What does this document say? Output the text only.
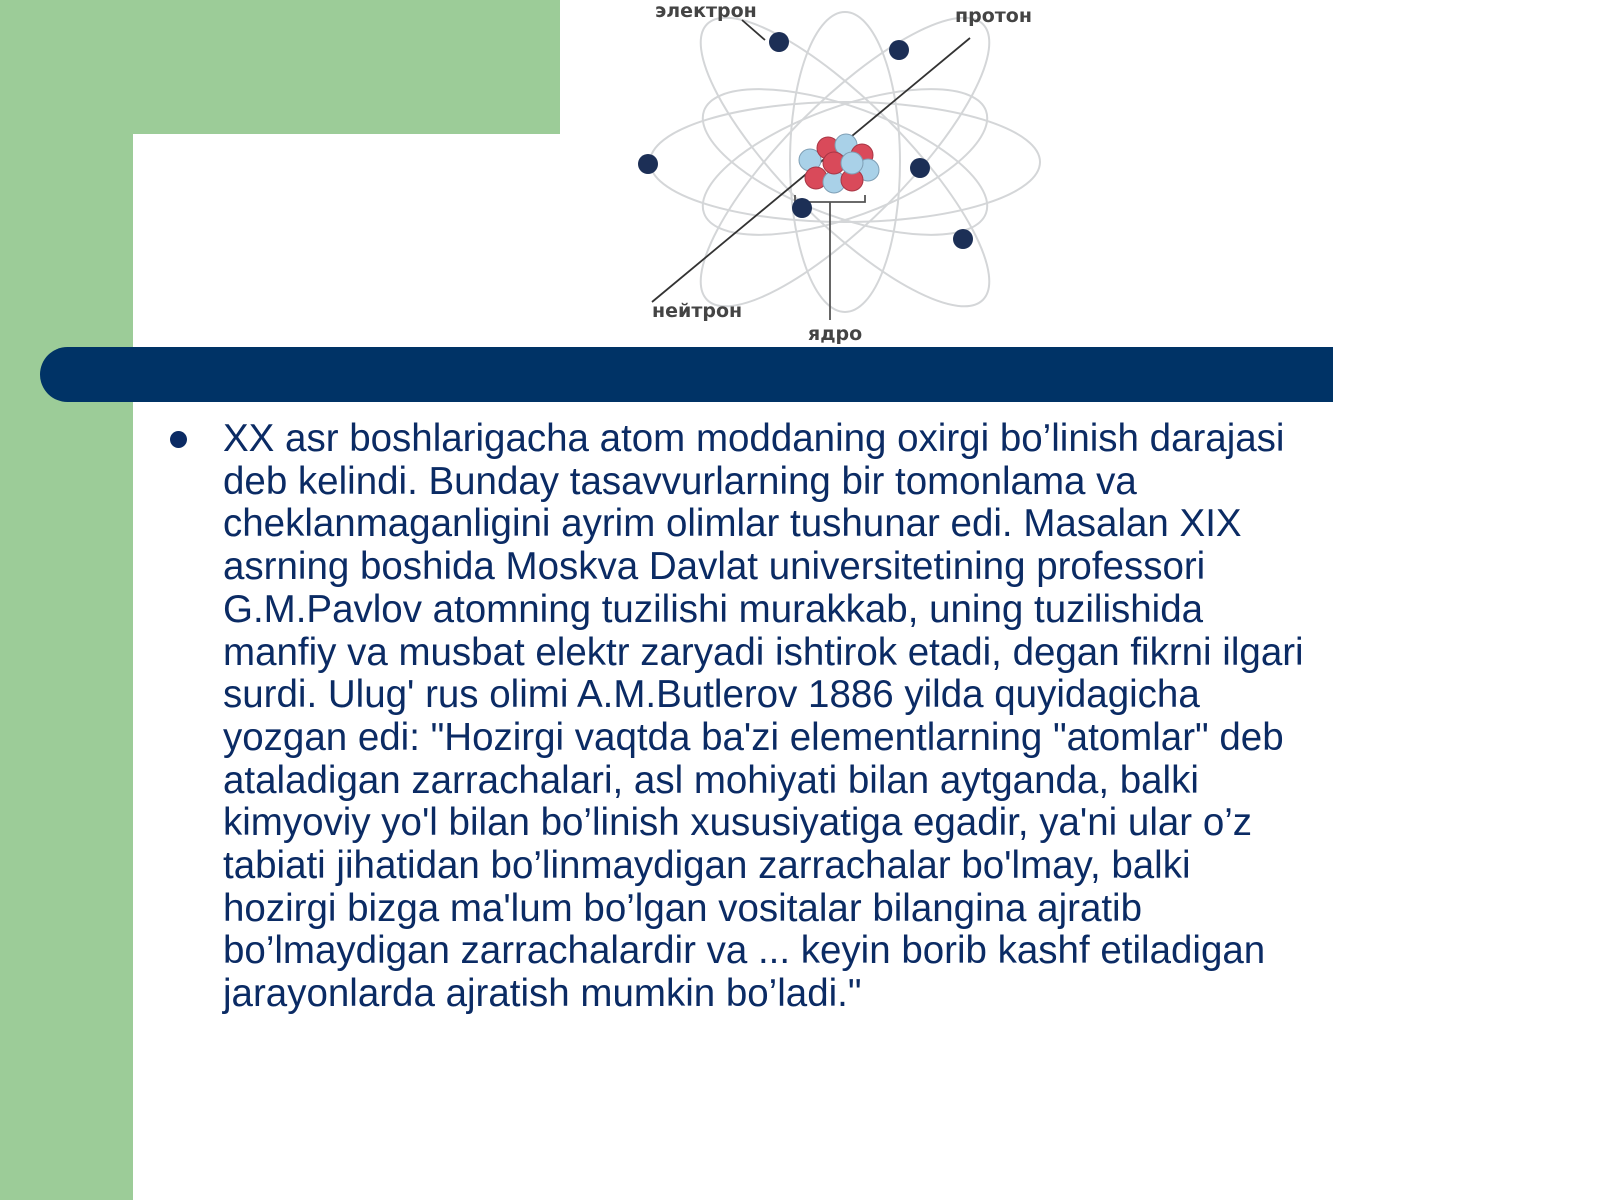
электрон	протон
нейтрон
ядро

XX asr boshlarigacha atom moddaning oxirgi bo’linish darajasi
deb kelindi. Bunday tasavvurlarning bir tomonlama va
cheklanmaganligini ayrim olimlar tushunar edi. Masalan XIX
asrning boshida Moskva Davlat universitetining professori
G.M.Pavlov atomning tuzilishi murakkab, uning tuzilishida
manfiy va musbat elektr zaryadi ishtirok etadi, degan fikrni ilgari
surdi. Ulug' rus olimi A.M.Butlerov 1886 yilda quyidagicha
yozgan edi: "Hozirgi vaqtda ba'zi elementlarning "atomlar" deb
ataladigan zarrachalari, asl mohiyati bilan aytganda, balki
kimyoviy yo'l bilan bo’linish xususiyatiga egadir, ya'ni ular o’z
tabiati jihatidan bo’linmaydigan zarrachalar bo'lmay, balki
hozirgi bizga ma'lum bo’lgan vositalar bilangina ajratib
bo’lmaydigan zarrachalardir va ... keyin borib kashf etiladigan
jarayonlarda ajratish mumkin bo’ladi."
